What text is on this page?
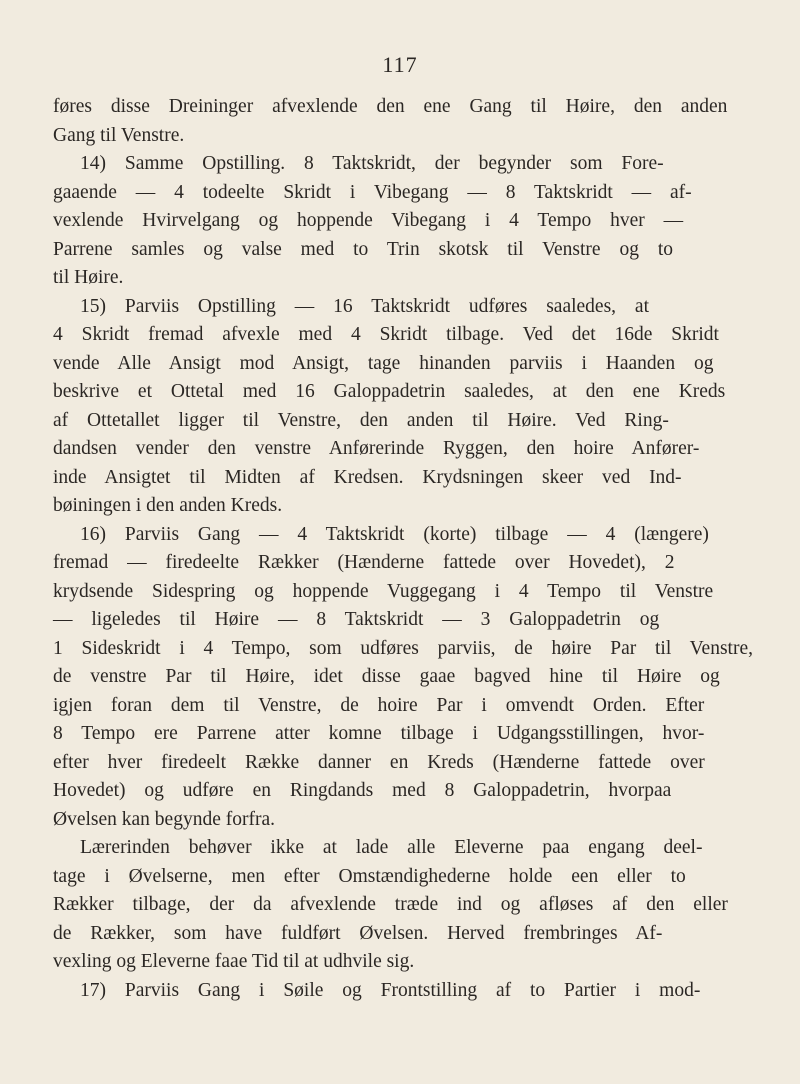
117
føres disse Dreininger afvexlende den ene Gang til Høire, den anden
Gang til Venstre.
14) Samme Opstilling. 8 Taktskridt, der begynder som Fore-
gaaende — 4 todeelte Skridt i Vibegang — 8 Taktskridt — af-
vexlende Hvirvelgang og hoppende Vibegang i 4 Tempo hver —
Parrene samles og valse med to Trin skotsk til Venstre og to
til Høire.
15) Parviis Opstilling — 16 Taktskridt udføres saaledes, at
4 Skridt fremad afvexle med 4 Skridt tilbage. Ved det 16de Skridt
vende Alle Ansigt mod Ansigt, tage hinanden parviis i Haanden og
beskrive et Ottetal med 16 Galoppadetrin saaledes, at den ene Kreds
af Ottetallet ligger til Venstre, den anden til Høire. Ved Ring-
dandsen vender den venstre Anførerinde Ryggen, den hoire Anfører-
inde Ansigtet til Midten af Kredsen. Krydsningen skeer ved Ind-
bøiningen i den anden Kreds.
16) Parviis Gang — 4 Taktskridt (korte) tilbage — 4 (længere)
fremad — firedeelte Rækker (Hænderne fattede over Hovedet), 2
krydsende Sidespring og hoppende Vuggegang i 4 Tempo til Venstre
— ligeledes til Høire — 8 Taktskridt — 3 Galoppadetrin og
1 Sideskridt i 4 Tempo, som udføres parviis, de høire Par til Venstre,
de venstre Par til Høire, idet disse gaae bagved hine til Høire og
igjen foran dem til Venstre, de hoire Par i omvendt Orden. Efter
8 Tempo ere Parrene atter komne tilbage i Udgangsstillingen, hvor-
efter hver firedeelt Række danner en Kreds (Hænderne fattede over
Hovedet) og udføre en Ringdands med 8 Galoppadetrin, hvorpaa
Øvelsen kan begynde forfra.
Lærerinden behøver ikke at lade alle Eleverne paa engang deel-
tage i Øvelserne, men efter Omstændighederne holde een eller to
Rækker tilbage, der da afvexlende træde ind og afløses af den eller
de Rækker, som have fuldført Øvelsen. Herved frembringes Af-
vexling og Eleverne faae Tid til at udhvile sig.
17) Parviis Gang i Søile og Frontstilling af to Partier i mod-
